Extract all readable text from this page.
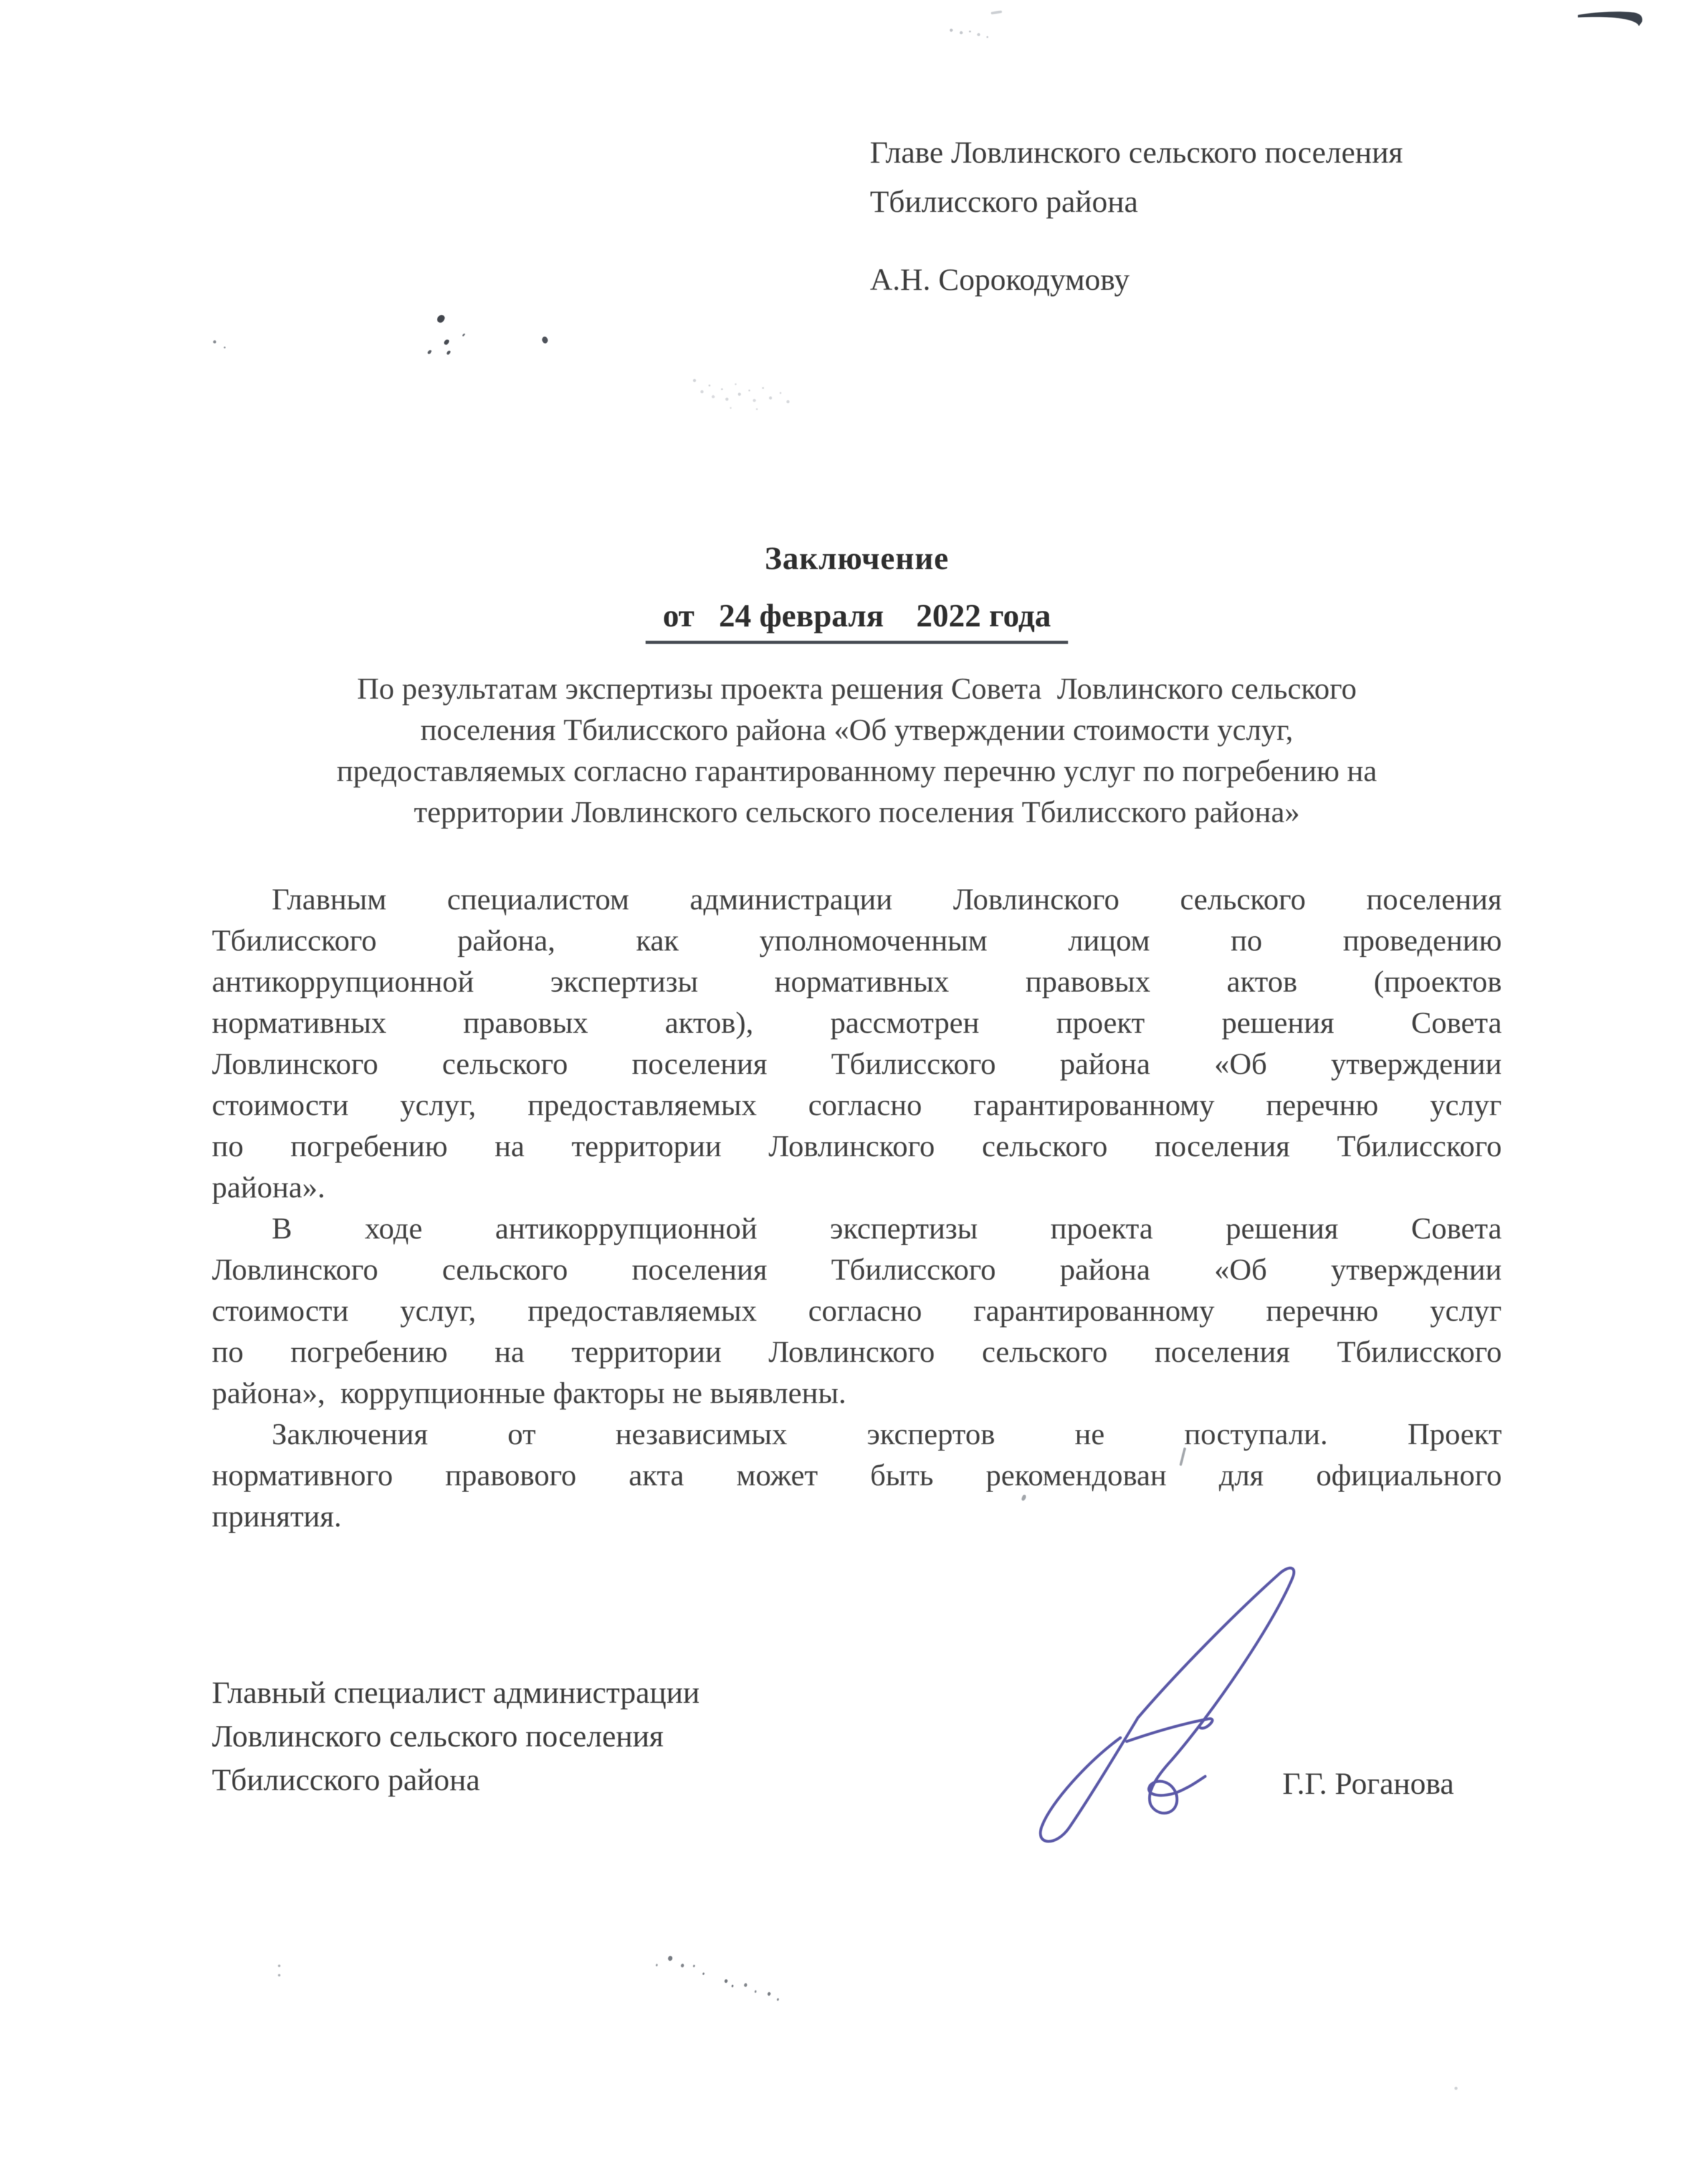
Главе Ловлинского сельского поселения
Тбилисского района
А.Н. Сорокодумову
Заключение

от   24 февраля    2022 года
По результатам экспертизы проекта решения Совета  Ловлинского сельского
поселения Тбилисского района «Об утверждении стоимости услуг,
предоставляемых согласно гарантированному перечню услуг по погребению на
территории Ловлинского сельского поселения Тбилисского района»
Главным специалистом администрации Ловлинского сельского поселения
Тбилисского района, как уполномоченным лицом по проведению
антикоррупционной экспертизы нормативных правовых актов (проектов
нормативных правовых актов), рассмотрен проект решения Совета
Ловлинского сельского поселения Тбилисского района «Об утверждении
стоимости услуг, предоставляемых согласно гарантированному перечню услуг
по погребению на территории Ловлинского сельского поселения Тбилисского
района».
В ходе антикоррупционной экспертизы проекта решения Совета
Ловлинского сельского поселения Тбилисского района «Об утверждении
стоимости услуг, предоставляемых согласно гарантированному перечню услуг
по погребению на территории Ловлинского сельского поселения Тбилисского
района»,  коррупционные факторы не выявлены.
Заключения от независимых экспертов не поступали. Проект
нормативного правового акта может быть рекомендован для официального
принятия.
Главный специалист администрации
Ловлинского сельского поселения
Тбилисского района	Г.Г. Роганова
